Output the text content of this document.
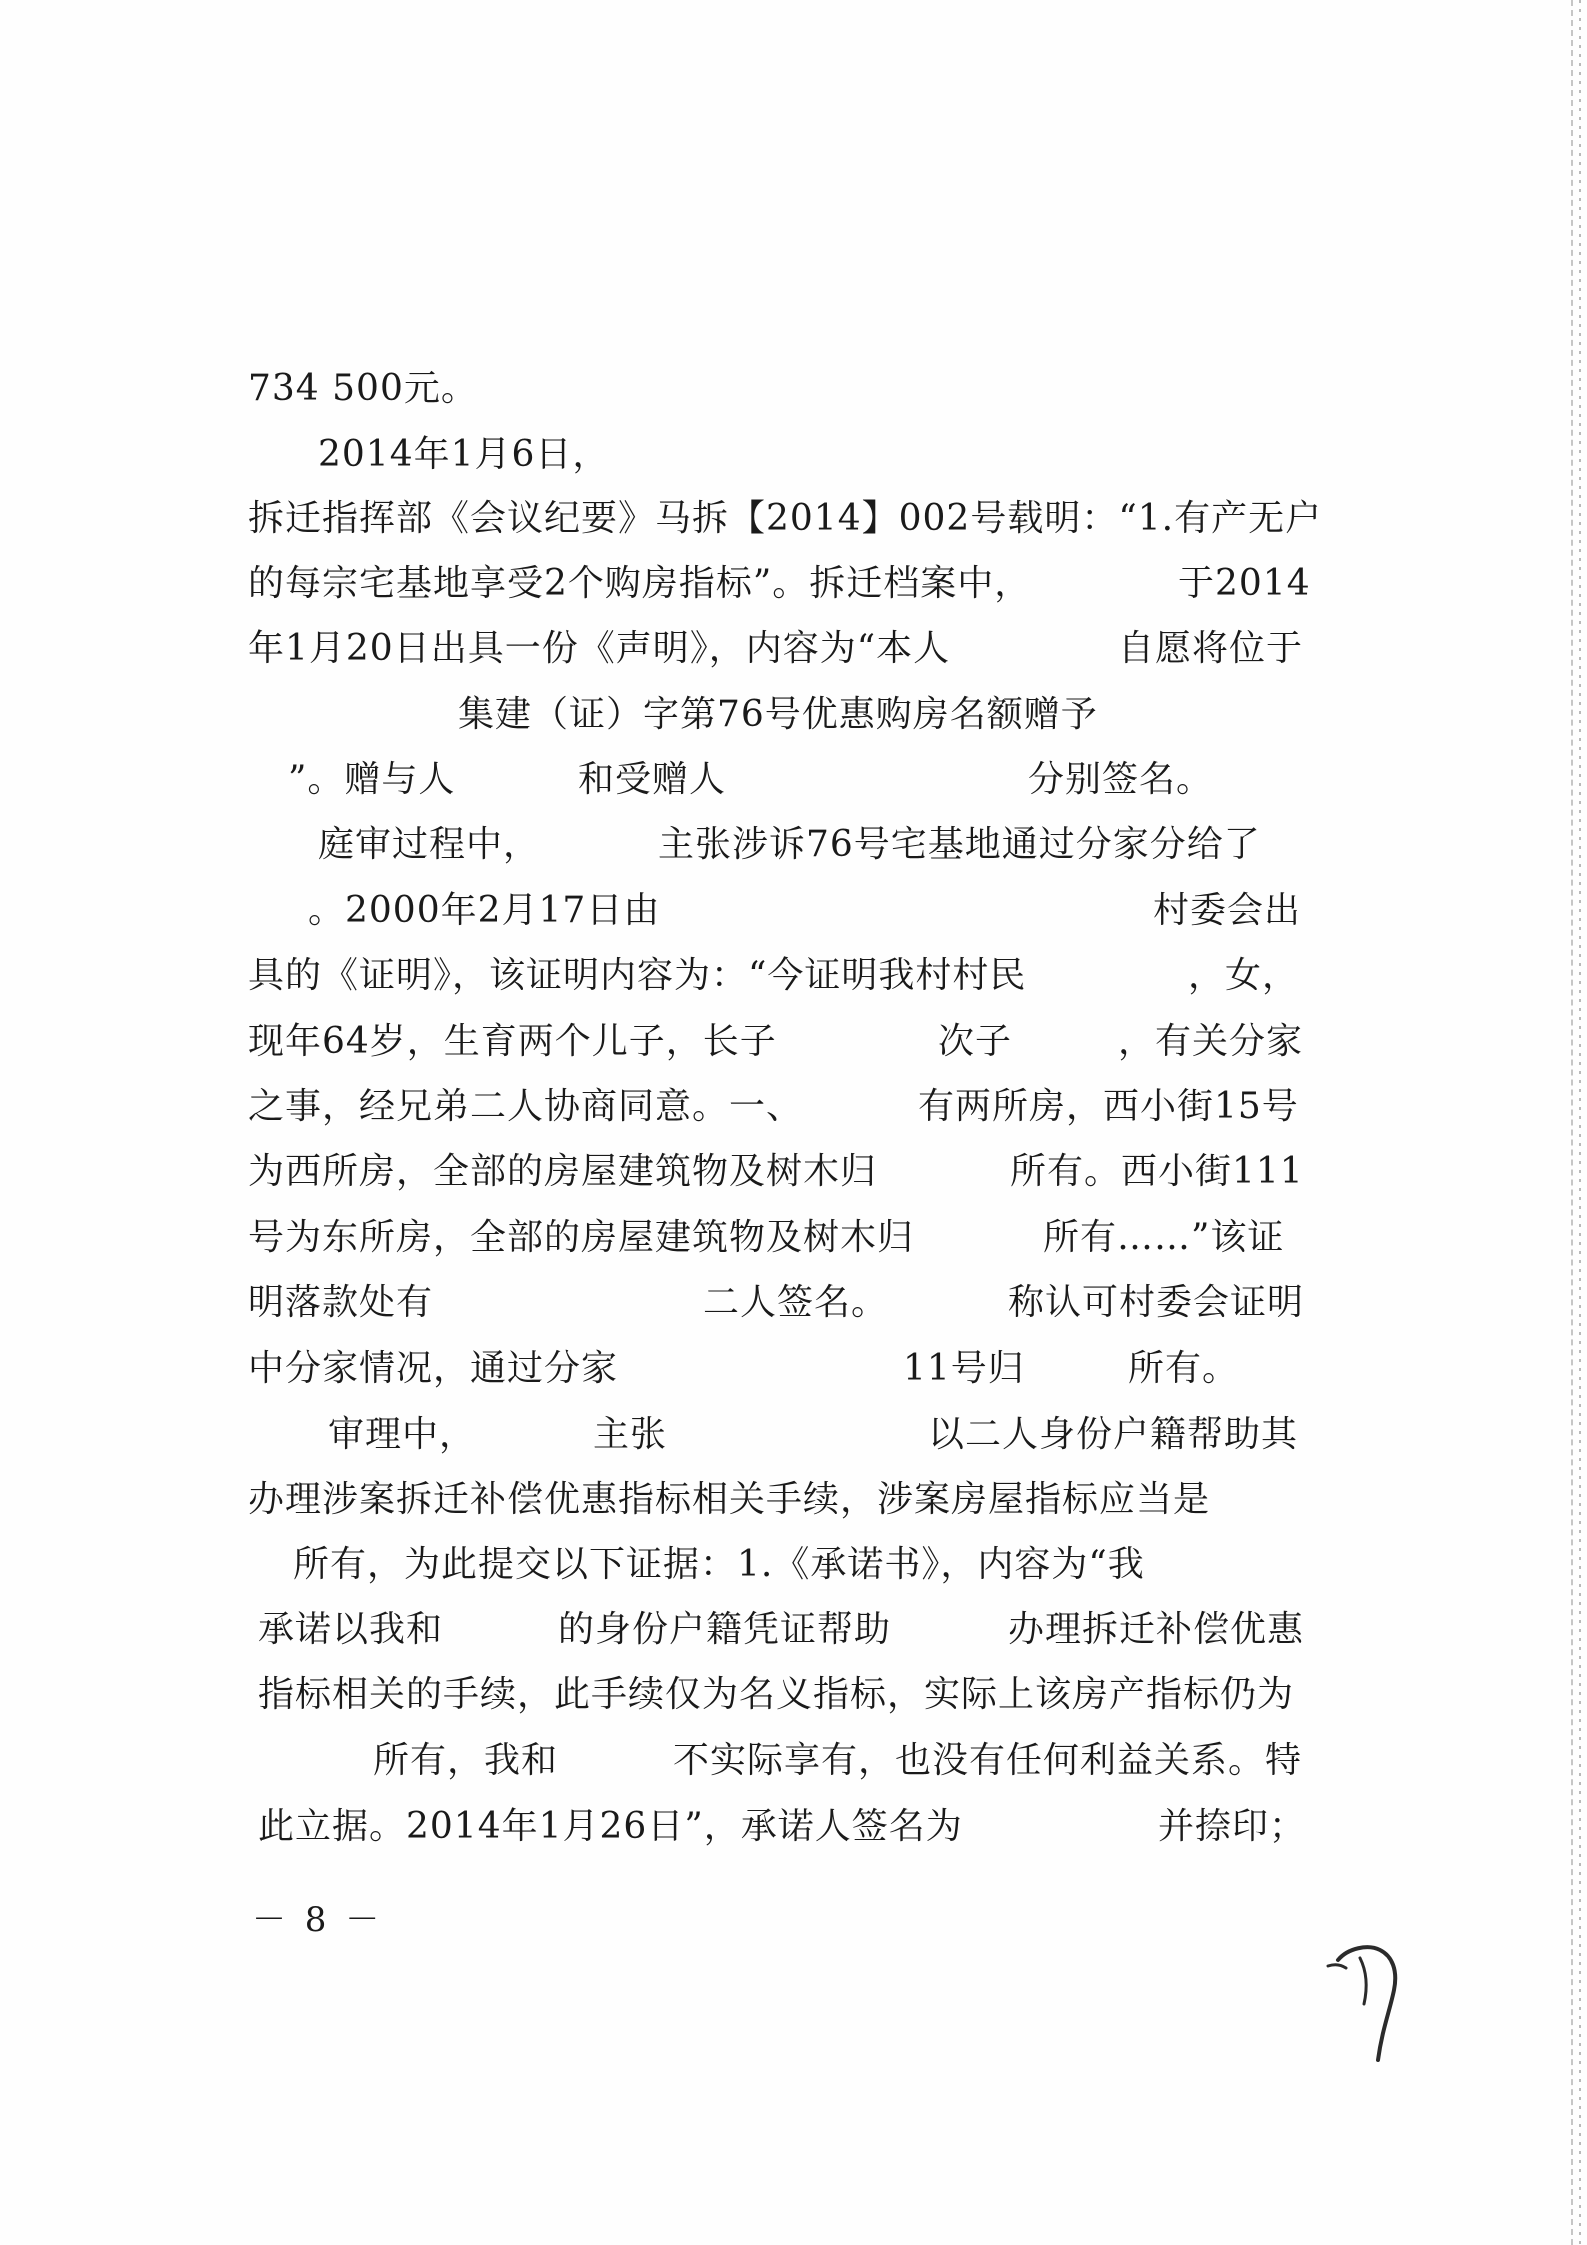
734 500元。
2014年1月6日，
拆迁指挥部《会议纪要》马拆【2014】002号载明：“1.有产无户
的每宗宅基地享受2个购房指标”。拆迁档案中，	于2014
年1月20日出具一份《声明》，内容为“本人	自愿将位于
集建（证）字第76号优惠购房名额赠予
”。赠与人	和受赠人	分别签名。
庭审过程中，	主张涉诉76号宅基地通过分家分给了
。2000年2月17日由	村委会出
具的《证明》，该证明内容为：“今证明我村村民	，女，
现年64岁，生育两个儿子，长子	次子	，有关分家
之事，经兄弟二人协商同意。一、	有两所房，西小街15号
为西所房，全部的房屋建筑物及树木归	所有。西小街111
号为东所房，全部的房屋建筑物及树木归	所有……”该证
明落款处有	二人签名。	称认可村委会证明
中分家情况，通过分家	11号归	所有。
审理中，	主张	以二人身份户籍帮助其
办理涉案拆迁补偿优惠指标相关手续，涉案房屋指标应当是
所有，为此提交以下证据：1.《承诺书》，内容为“我
承诺以我和	的身份户籍凭证帮助	办理拆迁补偿优惠
指标相关的手续，此手续仅为名义指标，实际上该房产指标仍为
所有，我和	不实际享有，也没有任何利益关系。特
此立据。2014年1月26日”，承诺人签名为	并捺印；
－ 8 －
